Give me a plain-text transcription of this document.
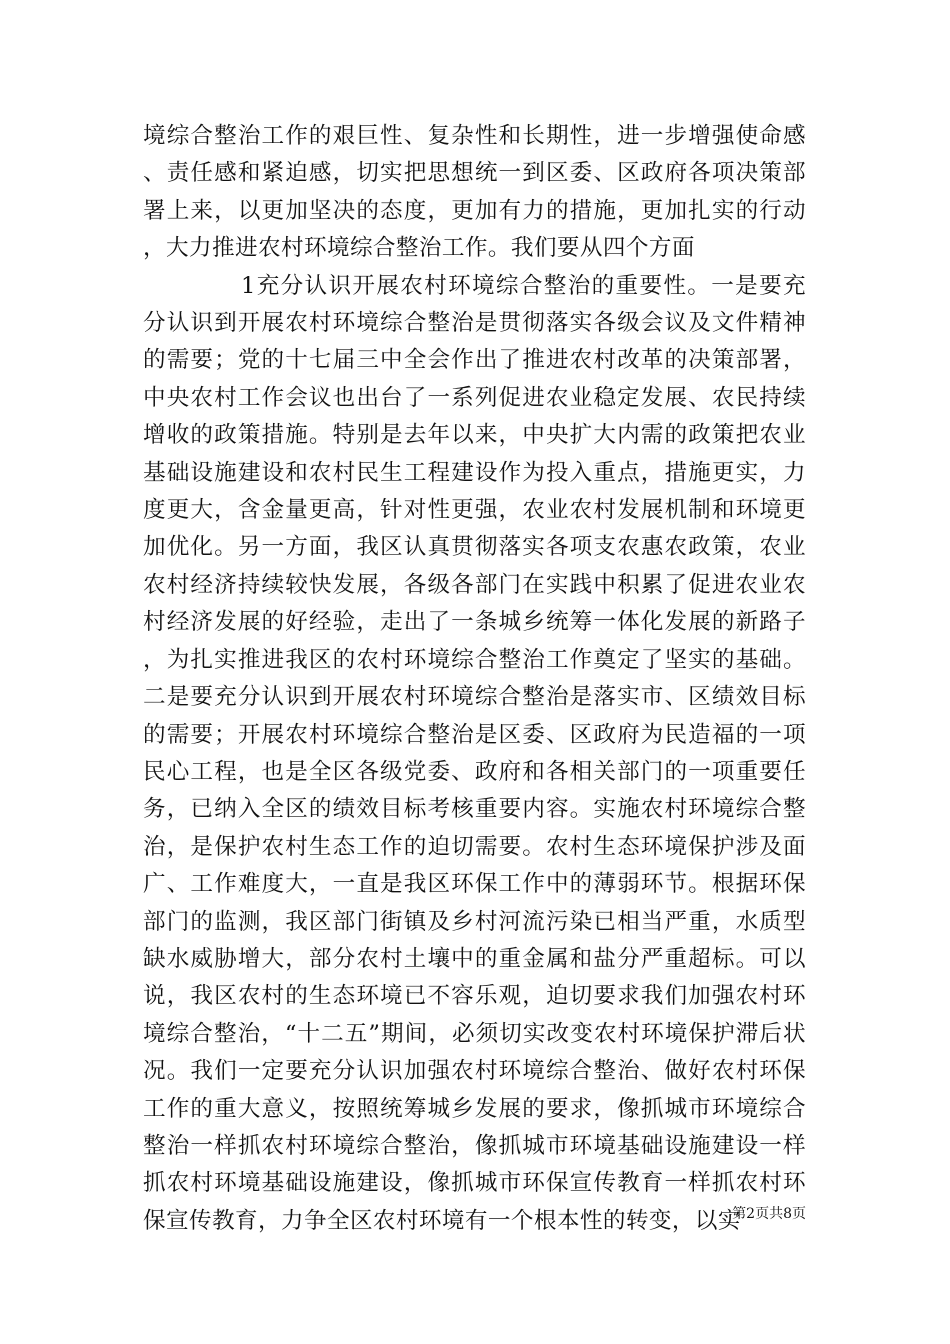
境综合整治工作的艰巨性、复杂性和长期性，进一步增强使命感、责任感和紧迫感，切实把思想统一到区委、区政府各项决策部署上来，以更加坚决的态度，更加有力的措施，更加扎实的行动，大力推进农村环境综合整治工作。我们要从四个方面

1充分认识开展农村环境综合整治的重要性。一是要充分认识到开展农村环境综合整治是贯彻落实各级会议及文件精神的需要；党的十七届三中全会作出了推进农村改革的决策部署，中央农村工作会议也出台了一系列促进农业稳定发展、农民持续增收的政策措施。特别是去年以来，中央扩大内需的政策把农业基础设施建设和农村民生工程建设作为投入重点，措施更实，力度更大，含金量更高，针对性更强，农业农村发展机制和环境更加优化。另一方面，我区认真贯彻落实各项支农惠农政策，农业农村经济持续较快发展，各级各部门在实践中积累了促进农业农村经济发展的好经验，走出了一条城乡统筹一体化发展的新路子，为扎实推进我区的农村环境综合整治工作奠定了坚实的基础。二是要充分认识到开展农村环境综合整治是落实市、区绩效目标的需要；开展农村环境综合整治是区委、区政府为民造福的一项民心工程，也是全区各级党委、政府和各相关部门的一项重要任务，已纳入全区的绩效目标考核重要内容。实施农村环境综合整治，是保护农村生态工作的迫切需要。农村生态环境保护涉及面广、工作难度大，一直是我区环保工作中的薄弱环节。根据环保部门的监测，我区部门街镇及乡村河流污染已相当严重，水质型缺水威胁增大，部分农村土壤中的重金属和盐分严重超标。可以说，我区农村的生态环境已不容乐观，迫切要求我们加强农村环境综合整治，“十二五”期间，必须切实改变农村环境保护滞后状况。我们一定要充分认识加强农村环境综合整治、做好农村环保工作的重大意义，按照统筹城乡发展的要求，像抓城市环境综合整治一样抓农村环境综合整治，像抓城市环境基础设施建设一样抓农村环境基础设施建设，像抓城市环保宣传教育一样抓农村环保宣传教育，力争全区农村环境有一个根本性的转变，以实

第2页共8页
